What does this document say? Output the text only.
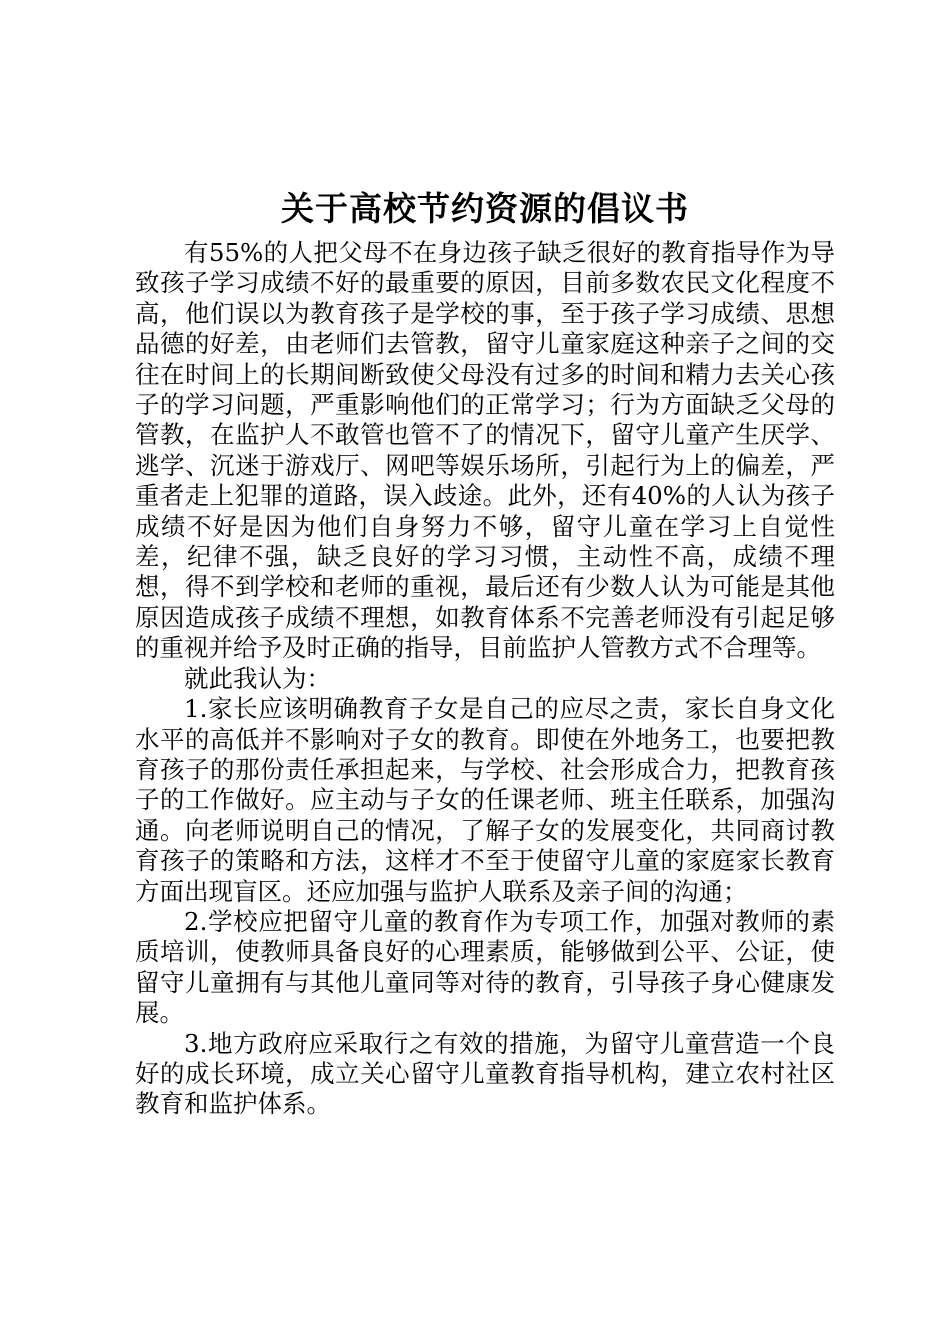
关于高校节约资源的倡议书

有55%的人把父母不在身边孩子缺乏很好的教育指导作为导致孩子学习成绩不好的最重要的原因，目前多数农民文化程度不高，他们误以为教育孩子是学校的事，至于孩子学习成绩、思想品德的好差，由老师们去管教，留守儿童家庭这种亲子之间的交往在时间上的长期间断致使父母没有过多的时间和精力去关心孩子的学习问题，严重影响他们的正常学习；行为方面缺乏父母的管教，在监护人不敢管也管不了的情况下，留守儿童产生厌学、逃学、沉迷于游戏厅、网吧等娱乐场所，引起行为上的偏差，严重者走上犯罪的道路，误入歧途。此外，还有40%的人认为孩子成绩不好是因为他们自身努力不够，留守儿童在学习上自觉性差，纪律不强，缺乏良好的学习习惯，主动性不高，成绩不理想，得不到学校和老师的重视，最后还有少数人认为可能是其他原因造成孩子成绩不理想，如教育体系不完善老师没有引起足够的重视并给予及时正确的指导，目前监护人管教方式不合理等。

就此我认为：

1.家长应该明确教育子女是自己的应尽之责，家长自身文化水平的高低并不影响对子女的教育。即使在外地务工，也要把教育孩子的那份责任承担起来，与学校、社会形成合力，把教育孩子的工作做好。应主动与子女的任课老师、班主任联系，加强沟通。向老师说明自己的情况，了解子女的发展变化，共同商讨教育孩子的策略和方法，这样才不至于使留守儿童的家庭家长教育方面出现盲区。还应加强与监护人联系及亲子间的沟通；

2.学校应把留守儿童的教育作为专项工作，加强对教师的素质培训，使教师具备良好的心理素质，能够做到公平、公证，使留守儿童拥有与其他儿童同等对待的教育，引导孩子身心健康发展。

3.地方政府应采取行之有效的措施，为留守儿童营造一个良好的成长环境，成立关心留守儿童教育指导机构，建立农村社区教育和监护体系。
